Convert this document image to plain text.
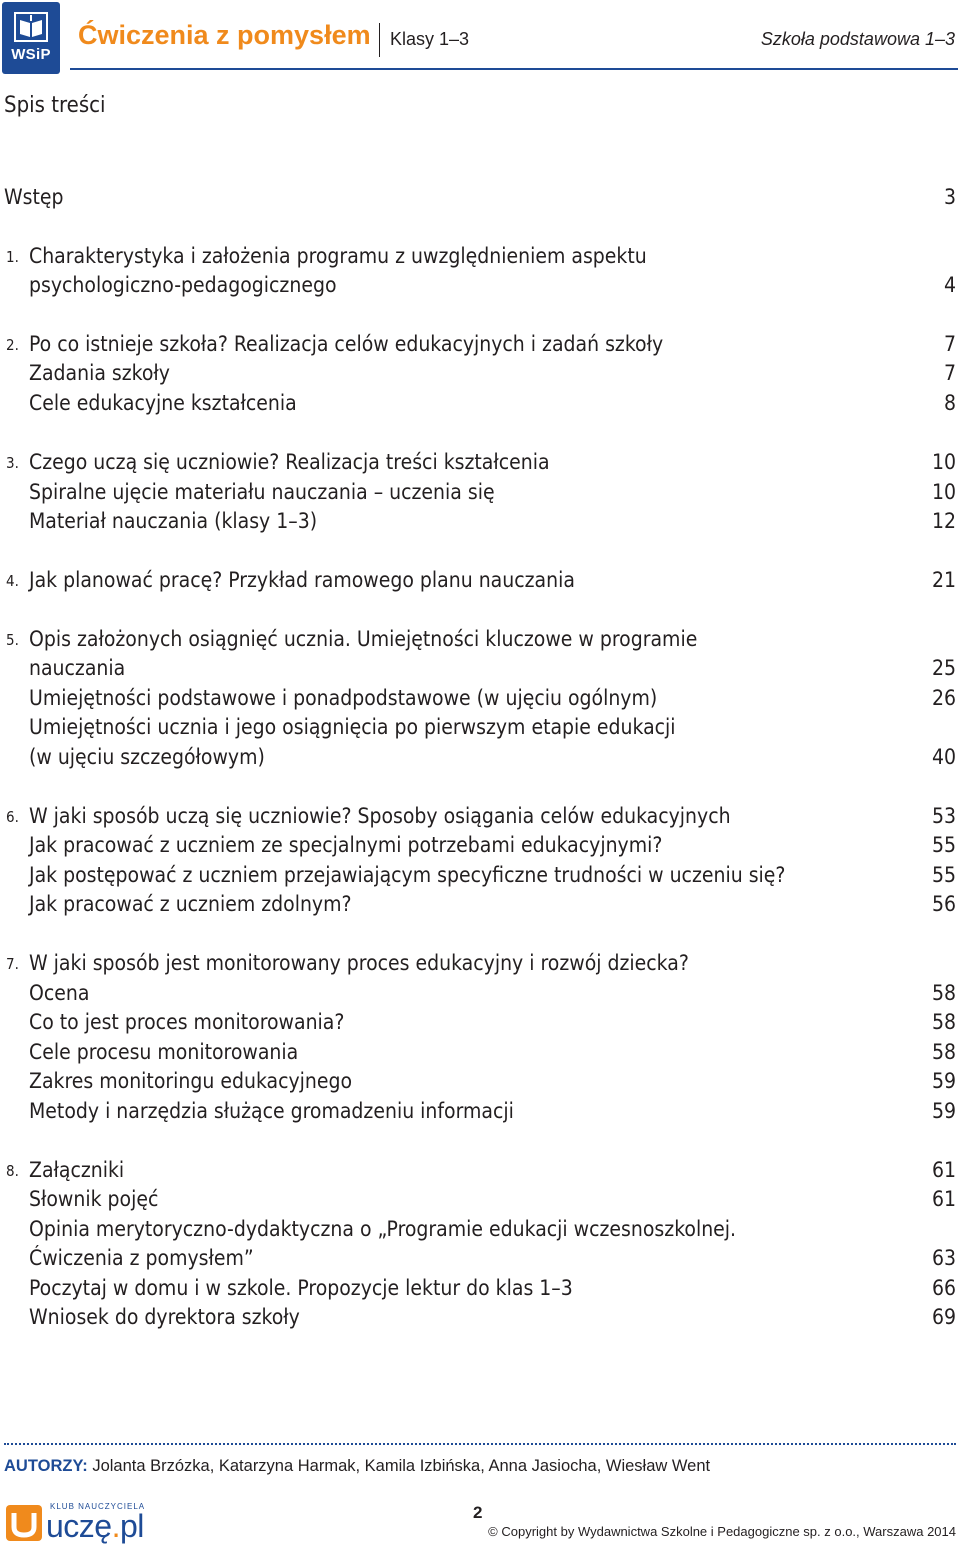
WSiP
Ćwiczenia z pomysłem Klasy 1–3	Szkoła podstawowa 1–3
Spis treści
Wstęp	3
1. Charakterystyka i założenia programu z uwzględnieniem aspektu
psychologiczno-pedagogicznego	4
2. Po co istnieje szkoła? Realizacja celów edukacyjnych i zadań szkoły	7
Zadania szkoły	7
Cele edukacyjne kształcenia	8
3. Czego uczą się uczniowie? Realizacja treści kształcenia	10
Spiralne ujęcie materiału nauczania – uczenia się	10
Materiał nauczania (klasy 1–3)	12
4. Jak planować pracę? Przykład ramowego planu nauczania	21
5. Opis założonych osiągnięć ucznia. Umiejętności kluczowe w programie
nauczania	25
Umiejętności podstawowe i ponadpodstawowe (w ujęciu ogólnym)	26
Umiejętności ucznia i jego osiągnięcia po pierwszym etapie edukacji
(w ujęciu szczegółowym)	40
6. W jaki sposób uczą się uczniowie? Sposoby osiągania celów edukacyjnych	53
Jak pracować z uczniem ze specjalnymi potrzebami edukacyjnymi?	55
Jak postępować z uczniem przejawiającym specyficzne trudności w uczeniu się?	55
Jak pracować z uczniem zdolnym?	56
7. W jaki sposób jest monitorowany proces edukacyjny i rozwój dziecka?
Ocena	58
Co to jest proces monitorowania?	58
Cele procesu monitorowania	58
Zakres monitoringu edukacyjnego	59
Metody i narzędzia służące gromadzeniu informacji	59
8. Załączniki	61
Słownik pojęć	61
Opinia merytoryczno-dydaktyczna o „Programie edukacji wczesnoszkolnej.
Ćwiczenia z pomysłem”	63
Poczytaj w domu i w szkole. Propozycje lektur do klas 1–3	66
Wniosek do dyrektora szkoły	69
AUTORZY: Jolanta Brzózka, Katarzyna Harmak, Kamila Izbińska, Anna Jasiocha, Wiesław Went
KLUB NAUCZYCIELA
uczę.pl	2
© Copyright by Wydawnictwa Szkolne i Pedagogiczne sp. z o.o., Warszawa 2014
